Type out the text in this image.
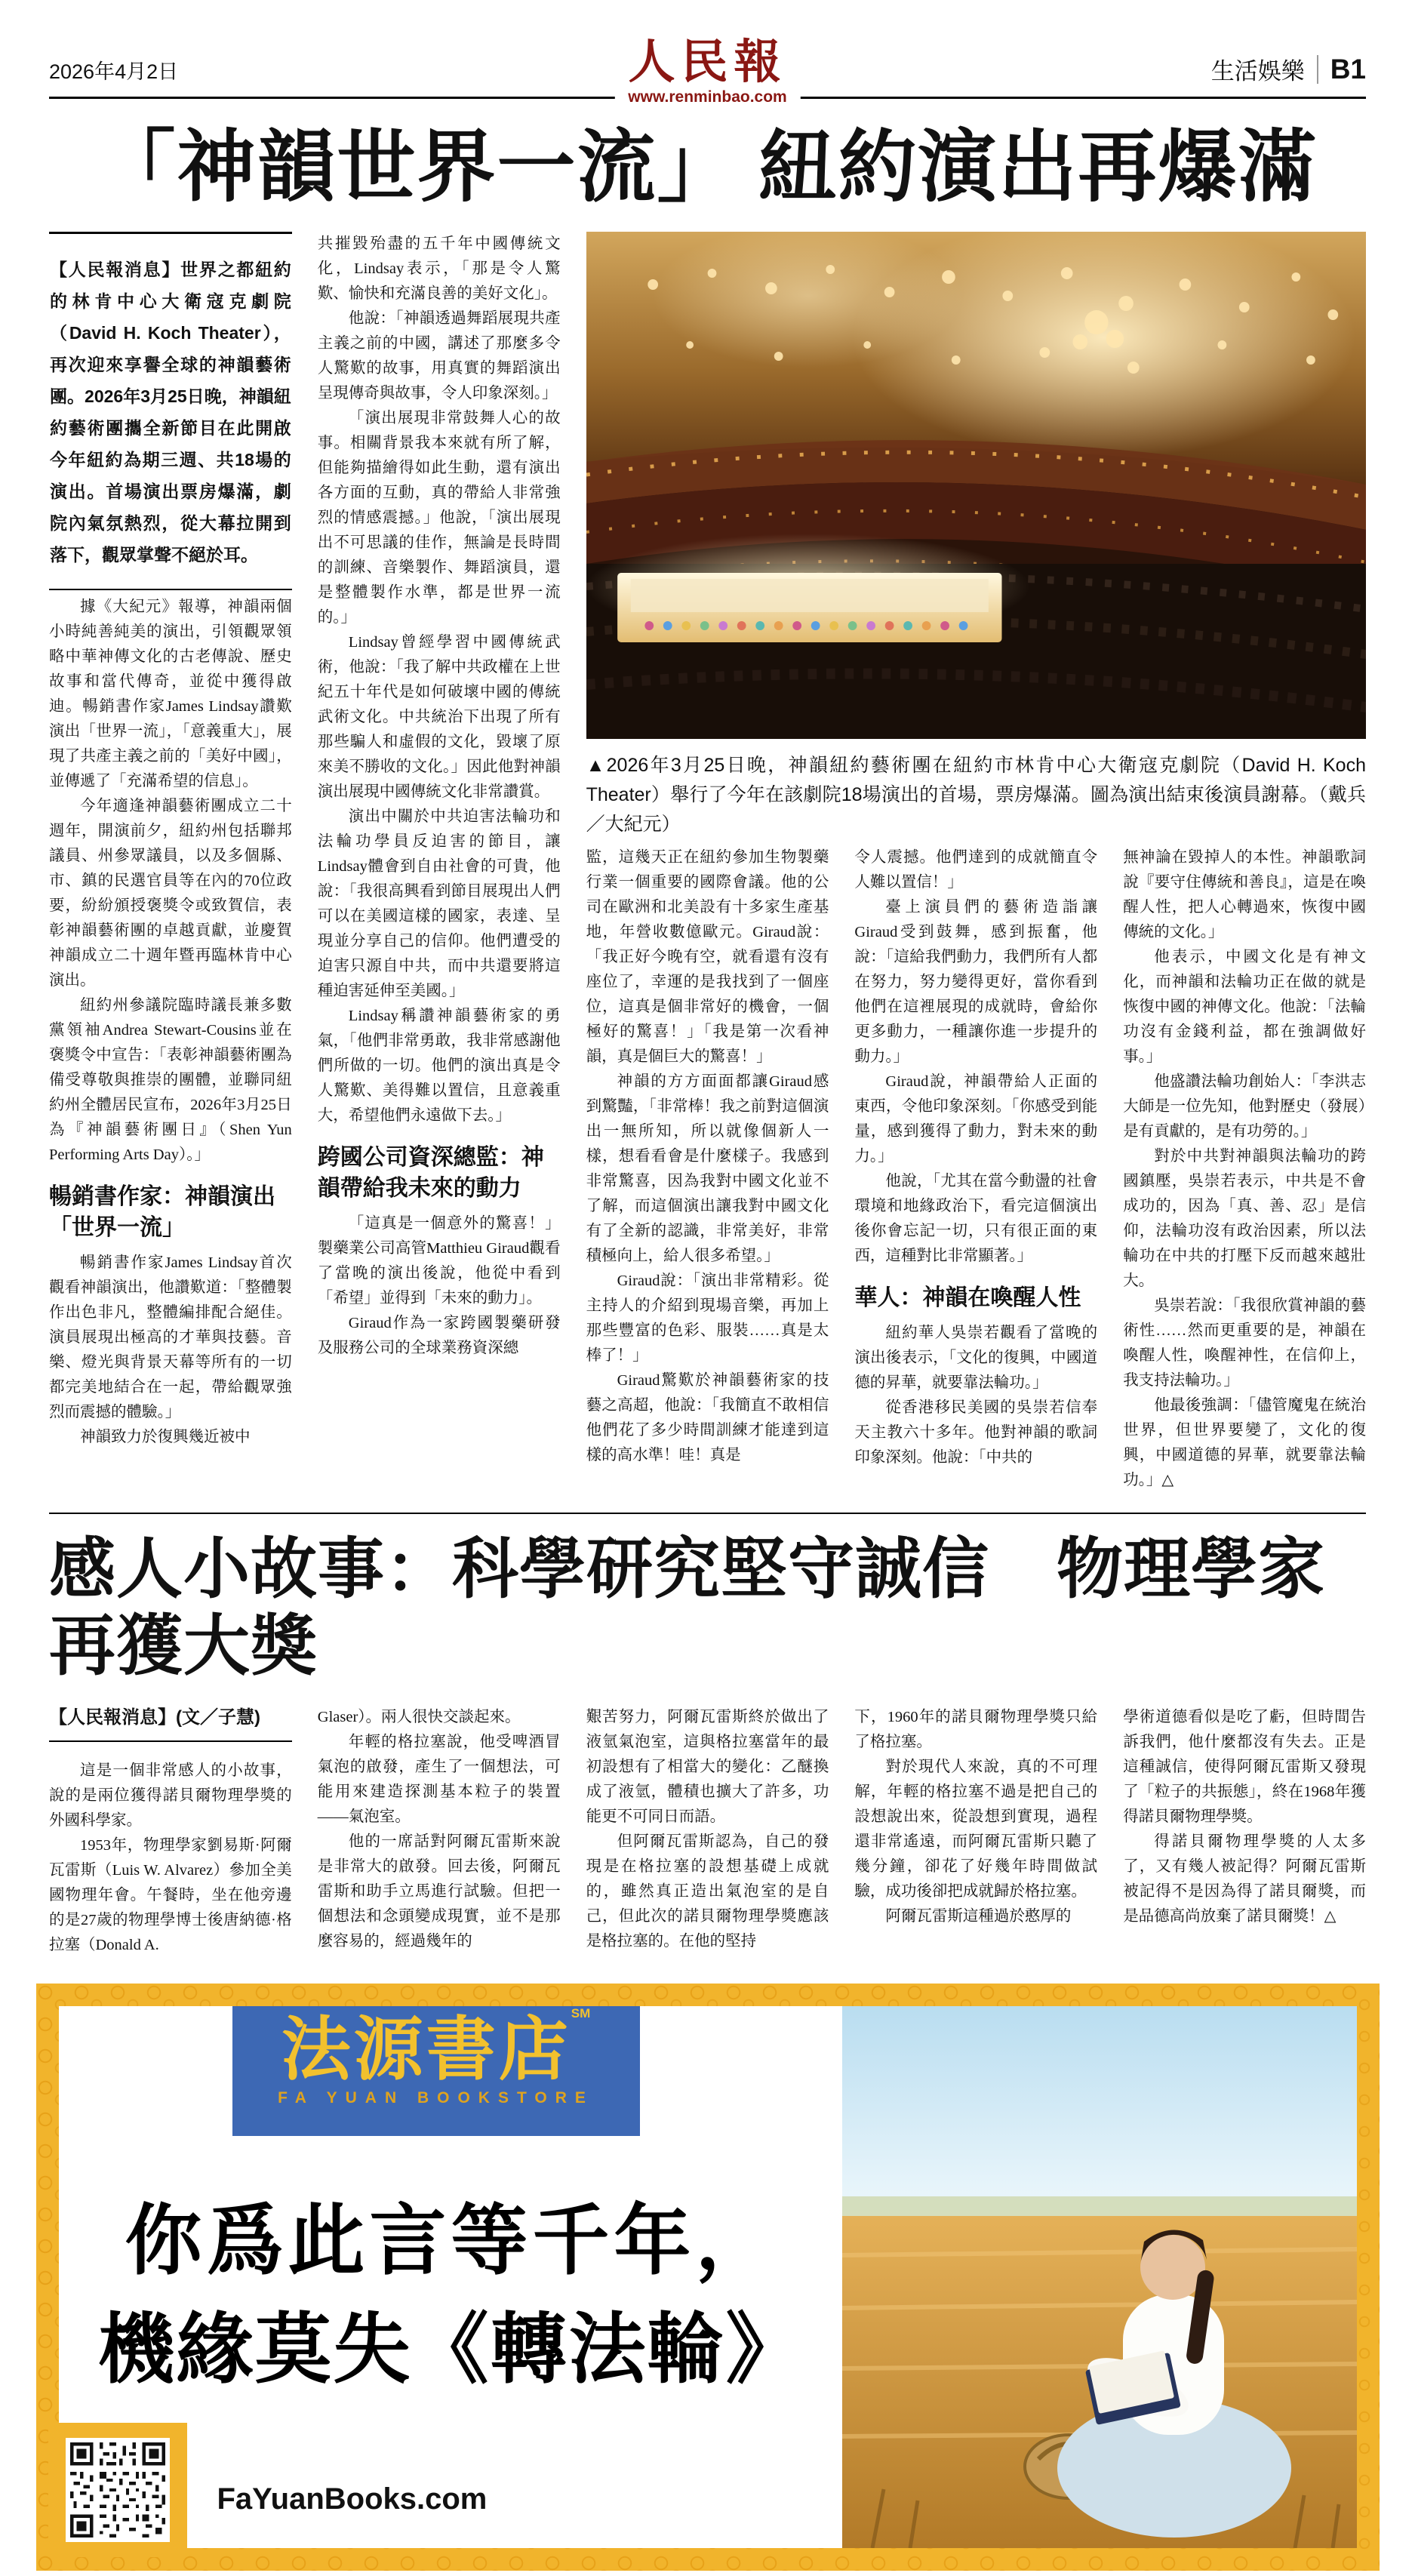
2026年4月2日	人民報	生活娛樂 B1
www.renminbao.com
「神韻世界一流」 紐約演出再爆滿

【人民報消息】世界之都紐約的林肯中心大衛寇克劇院（David H. Koch Theater），再次迎來享譽全球的神韻藝術團。2026年3月25日晚，神韻紐約藝術團攜全新節目在此開啟今年紐約為期三週、共18場的演出。首場演出票房爆滿，劇院內氣氛熱烈，從大幕拉開到落下，觀眾掌聲不絕於耳。

據《大紀元》報導，神韻兩個小時純善純美的演出，引領觀眾領略中華神傳文化的古老傳說、歷史故事和當代傳奇，並從中獲得啟迪。暢銷書作家James Lindsay讚歎演出「世界一流」，「意義重大」，展現了共產主義之前的「美好中國」，並傳遞了「充滿希望的信息」。

今年適逢神韻藝術團成立二十週年，開演前夕，紐約州包括聯邦議員、州參眾議員，以及多個縣、市、鎮的民選官員等在內的70位政要，紛紛頒授褒獎令或致賀信，表彰神韻藝術團的卓越貢獻，並慶賀神韻成立二十週年暨再臨林肯中心演出。

紐約州參議院臨時議長兼多數黨領袖Andrea Stewart-Cousins並在褒獎令中宣告：「表彰神韻藝術團為備受尊敬與推崇的團體，並聯同紐約州全體居民宣布，2026年3月25日為『神韻藝術團日』（Shen Yun Performing Arts Day）。」

暢銷書作家：神韻演出「世界一流」

暢銷書作家James Lindsay首次觀看神韻演出，他讚歎道：「整體製作出色非凡，整體編排配合絕佳。演員展現出極高的才華與技藝。音樂、燈光與背景天幕等所有的一切都完美地結合在一起，帶給觀眾強烈而震撼的體驗。」

神韻致力於復興幾近被中

共摧毀殆盡的五千年中國傳統文化，Lindsay表示，「那是令人驚歎、愉快和充滿良善的美好文化」。

他說：「神韻透過舞蹈展現共產主義之前的中國，講述了那麼多令人驚歎的故事，用真實的舞蹈演出呈現傳奇與故事，令人印象深刻。」

「演出展現非常鼓舞人心的故事。相關背景我本來就有所了解，但能夠描繪得如此生動，還有演出各方面的互動，真的帶給人非常強烈的情感震撼。」他說，「演出展現出不可思議的佳作，無論是長時間的訓練、音樂製作、舞蹈演員，還是整體製作水準，都是世界一流的。」

Lindsay曾經學習中國傳統武術，他說：「我了解中共政權在上世紀五十年代是如何破壞中國的傳統武術文化。中共統治下出現了所有那些騙人和虛假的文化，毀壞了原來美不勝收的文化。」因此他對神韻演出展現中國傳統文化非常讚賞。

演出中關於中共迫害法輪功和法輪功學員反迫害的節目，讓Lindsay體會到自由社會的可貴，他說：「我很高興看到節目展現出人們可以在美國這樣的國家，表達、呈現並分享自己的信仰。他們遭受的迫害只源自中共，而中共還要將這種迫害延伸至美國。」

Lindsay稱讚神韻藝術家的勇氣，「他們非常勇敢，我非常感謝他們所做的一切。他們的演出真是令人驚歎、美得難以置信，且意義重大，希望他們永遠做下去。」

跨國公司資深總監：神韻帶給我未來的動力

「這真是一個意外的驚喜！」製藥業公司高管Matthieu Giraud觀看了當晚的演出後說，他從中看到「希望」並得到「未來的動力」。

Giraud作為一家跨國製藥研發及服務公司的全球業務資深總

▲2026年3月25日晚，神韻紐約藝術團在紐約市林肯中心大衛寇克劇院（David H. Koch Theater）舉行了今年在該劇院18場演出的首場，票房爆滿。圖為演出結束後演員謝幕。（戴兵／大紀元）

監，這幾天正在紐約參加生物製藥行業一個重要的國際會議。他的公司在歐洲和北美設有十多家生產基地，年營收數億歐元。Giraud說：「我正好今晚有空，就看還有沒有座位了，幸運的是我找到了一個座位，這真是個非常好的機會，一個極好的驚喜！」「我是第一次看神韻，真是個巨大的驚喜！」

神韻的方方面面都讓Giraud感到驚豔，「非常棒！我之前對這個演出一無所知，所以就像個新人一樣，想看看會是什麼樣子。我感到非常驚喜，因為我對中國文化並不了解，而這個演出讓我對中國文化有了全新的認識，非常美好，非常積極向上，給人很多希望。」

Giraud說：「演出非常精彩。從主持人的介紹到現場音樂，再加上那些豐富的色彩、服裝……真是太棒了！」

Giraud驚歎於神韻藝術家的技藝之高超，他說：「我簡直不敢相信他們花了多少時間訓練才能達到這樣的高水準！哇！真是

令人震撼。他們達到的成就簡直令人難以置信！」

臺上演員們的藝術造詣讓Giraud受到鼓舞，感到振奮，他說：「這給我們動力，我們所有人都在努力，努力變得更好，當你看到他們在這裡展現的成就時，會給你更多動力，一種讓你進一步提升的動力。」

Giraud說，神韻帶給人正面的東西，令他印象深刻。「你感受到能量，感到獲得了動力，對未來的動力。」

他說，「尤其在當今動盪的社會環境和地緣政治下，看完這個演出後你會忘記一切，只有很正面的東西，這種對比非常顯著。」

華人：神韻在喚醒人性

紐約華人吳崇若觀看了當晚的演出後表示，「文化的復興，中國道德的昇華，就要靠法輪功。」

從香港移民美國的吳崇若信奉天主教六十多年。他對神韻的歌詞印象深刻。他說：「中共的

無神論在毀掉人的本性。神韻歌詞說『要守住傳統和善良』，這是在喚醒人性，把人心轉過來，恢復中國傳統的文化。」

他表示，中國文化是有神文化，而神韻和法輪功正在做的就是恢復中國的神傳文化。他說：「法輪功沒有金錢利益，都在強調做好事。」

他盛讚法輪功創始人：「李洪志大師是一位先知，他對歷史（發展）是有貢獻的，是有功勞的。」

對於中共對神韻與法輪功的跨國鎮壓，吳崇若表示，中共是不會成功的，因為「真、善、忍」是信仰，法輪功沒有政治因素，所以法輪功在中共的打壓下反而越來越壯大。

吳崇若說：「我很欣賞神韻的藝術性……然而更重要的是，神韻在喚醒人性，喚醒神性，在信仰上，我支持法輪功。」

他最後強調：「儘管魔鬼在統治世界，但世界要變了，文化的復興，中國道德的昇華，就要靠法輪功。」△

感人小故事：科學研究堅守誠信　物理學家再獲大獎

【人民報消息】(文／子慧)

這是一個非常感人的小故事，說的是兩位獲得諾貝爾物理學獎的外國科學家。

1953年，物理學家劉易斯·阿爾瓦雷斯（Luis W. Alvarez）參加全美國物理年會。午餐時，坐在他旁邊的是27歲的物理學博士後唐納德·格拉塞（Donald A.

Glaser）。兩人很快交談起來。

年輕的格拉塞說，他受啤酒冒氣泡的啟發，產生了一個想法，可能用來建造探測基本粒子的裝置——氣泡室。

他的一席話對阿爾瓦雷斯來說是非常大的啟發。回去後，阿爾瓦雷斯和助手立馬進行試驗。但把一個想法和念頭變成現實，並不是那麼容易的，經過幾年的

艱苦努力，阿爾瓦雷斯終於做出了液氫氣泡室，這與格拉塞當年的最初設想有了相當大的變化：乙醚換成了液氫，體積也擴大了許多，功能更不可同日而語。

但阿爾瓦雷斯認為，自己的發現是在格拉塞的設想基礎上成就的，雖然真正造出氣泡室的是自己，但此次的諾貝爾物理學獎應該是格拉塞的。在他的堅持

下，1960年的諾貝爾物理學獎只給了格拉塞。

對於現代人來說，真的不可理解，年輕的格拉塞不過是把自己的設想說出來，從設想到實現，過程還非常遙遠，而阿爾瓦雷斯只聽了幾分鐘，卻花了好幾年時間做試驗，成功後卻把成就歸於格拉塞。

阿爾瓦雷斯這種過於憨厚的

學術道德看似是吃了虧，但時間告訴我們，他什麼都沒有失去。正是這種誠信，使得阿爾瓦雷斯又發現了「粒子的共振態」，終在1968年獲得諾貝爾物理學獎。

得諾貝爾物理學獎的人太多了，又有幾人被記得？阿爾瓦雷斯被記得不是因為得了諾貝爾獎，而是品德高尚放棄了諾貝爾獎！△

法源書店SM
FA YUAN BOOKSTORE
你爲此言等千年，
機緣莫失《轉法輪》
FaYuanBooks.com
